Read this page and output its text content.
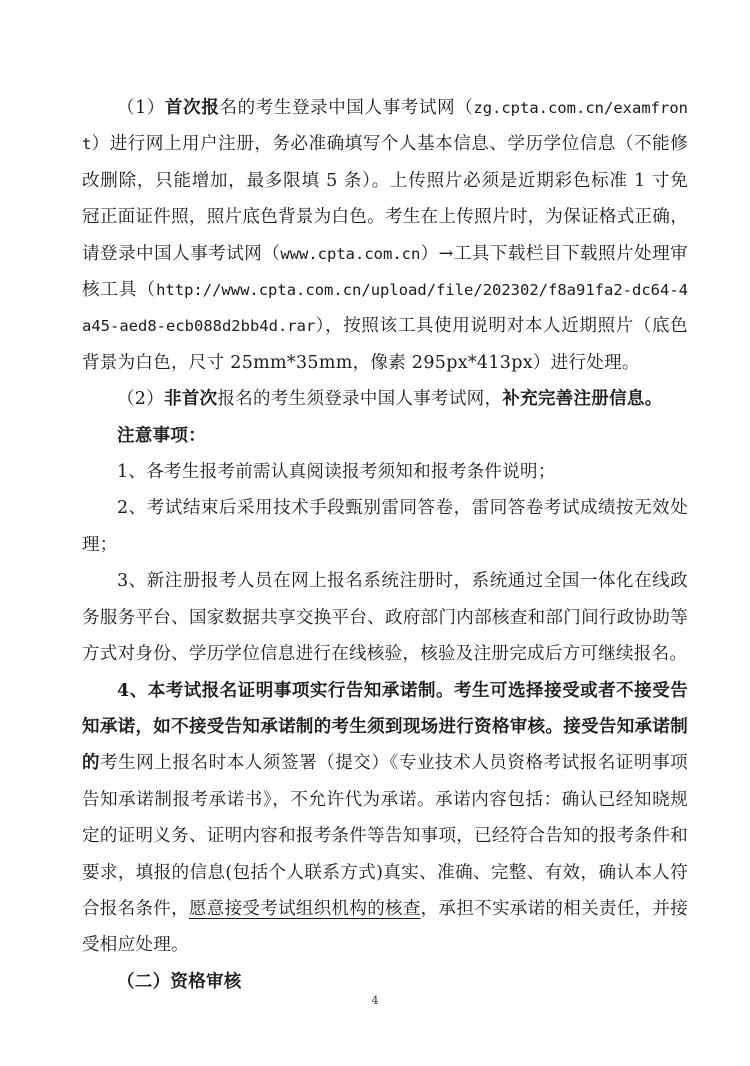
（1）首次报名的考生登录中国人事考试网（zg.cpta.com.cn/examfront）进行网上用户注册，务必准确填写个人基本信息、学历学位信息（不能修改删除，只能增加，最多限填 5 条）。上传照片必须是近期彩色标准 1 寸免冠正面证件照，照片底色背景为白色。考生在上传照片时，为保证格式正确，请登录中国人事考试网（www.cpta.com.cn）→工具下载栏目下载照片处理审核工具（http://www.cpta.com.cn/upload/file/202302/f8a91fa2-dc64-4a45-aed8-ecb088d2bb4d.rar），按照该工具使用说明对本人近期照片（底色背景为白色，尺寸 25mm*35mm，像素 295px*413px）进行处理。

（2）非首次报名的考生须登录中国人事考试网，补充完善注册信息。

注意事项：

1、各考生报考前需认真阅读报考须知和报考条件说明；

2、考试结束后采用技术手段甄别雷同答卷，雷同答卷考试成绩按无效处理；

3、新注册报考人员在网上报名系统注册时，系统通过全国一体化在线政务服务平台、国家数据共享交换平台、政府部门内部核查和部门间行政协助等方式对身份、学历学位信息进行在线核验，核验及注册完成后方可继续报名。

4、本考试报名证明事项实行告知承诺制。考生可选择接受或者不接受告知承诺，如不接受告知承诺制的考生须到现场进行资格审核。接受告知承诺制的考生网上报名时本人须签署（提交）《专业技术人员资格考试报名证明事项告知承诺制报考承诺书》，不允许代为承诺。承诺内容包括：确认已经知晓规定的证明义务、证明内容和报考条件等告知事项，已经符合告知的报考条件和要求，填报的信息(包括个人联系方式)真实、准确、完整、有效，确认本人符合报名条件，愿意接受考试组织机构的核查，承担不实承诺的相关责任，并接受相应处理。

（二）资格审核

4
